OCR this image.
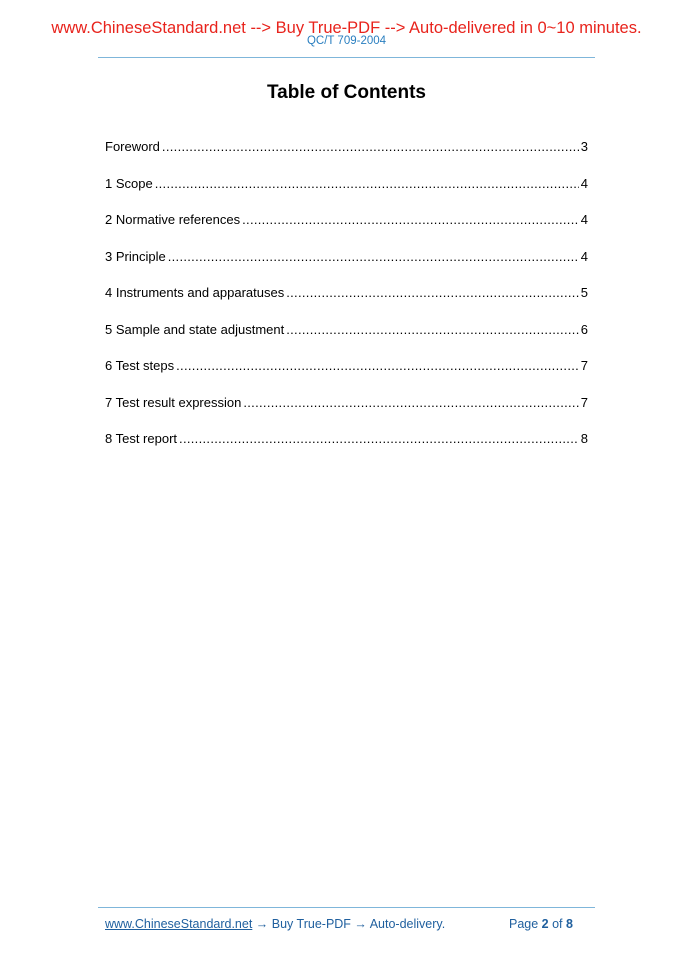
www.ChineseStandard.net --> Buy True-PDF --> Auto-delivered in 0~10 minutes.
QC/T 709-2004
Table of Contents
Foreword .....	3
1 Scope .....	4
2 Normative references .....	4
3 Principle .....	4
4 Instruments and apparatuses .....	5
5 Sample and state adjustment .....	6
6 Test steps .....	7
7 Test result expression .....	7
8 Test report .....	8
www.ChineseStandard.net → Buy True-PDF → Auto-delivery.	Page 2 of 8
